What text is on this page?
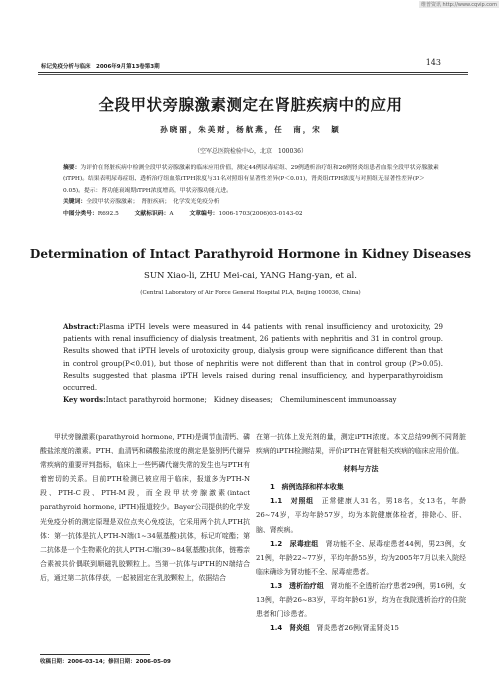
维普资讯 http://www.cqvip.com
标记免疫分析与临床　2006年9月第13卷第3期	143
全段甲状旁腺激素测定在肾脏疾病中的应用
孙晓丽，朱美财，杨航燕，任　南，宋　颖
（空军总医院检验中心，北京　100036）
摘要：为评价在肾脏疾病中检测全段甲状旁腺激素的临床应用价值，测定44例尿毒症组、29例透析治疗组和26例肾炎组患者血浆全段甲状旁腺激素(iTPH)。结果表明尿毒症组、透析治疗组血浆iTPH浓度与31名对照组有显著性差异(P＜0.01)，肾炎组iTPH浓度与对照组无显著性差异(P＞0.05)。提示：肾功能衰竭期iTPH浓度增高，甲状旁腺功能亢进。
关键词：全段甲状旁腺激素；　肾脏疾病；　化学发光免疫分析
中图分类号：R692.5	文献标识码：A	文章编号：1006-1703(2006)03-0143-02
Determination of Intact Parathyroid Hormone in Kidney Diseases
SUN Xiao-li, ZHU Mei-cai, YANG Hang-yan, et al.
(Central Laboratory of Air Force General Hospital PLA, Beijing 100036, China)
Abstract:Plasma iPTH levels were measured in 44 patients with renal insufficiency and urotoxicity, 29 patients with renal insufficiency of dialysis treatment, 26 patients with nephritis and 31 in control group. Results showed that iPTH levels of urotoxicity group, dialysis group were significance different than that in control group(P<0.01), but those of nephritis were not different than that in control group (P>0.05). Results suggested that plasma iPTH levels raised during renal insufficiency, and hyperparathyroidism occurred.
Key words:Intact parathyroid hormone;　Kidney diseases;　Chemiluminescent immunoassay

甲状旁腺激素(parathyroid hormone, PTH)是调节血清钙、磷酸盐浓度的激素。PTH、血清钙和磷酸盐浓度的测定是鉴别钙代谢异常疾病的重要评判指标，临床上一些钙磷代谢失常的发生也与PTH有着密切的关系。目前PTH检测已被应用于临床，报道多为PTH-N段、PTH-C段、PTH-M段，而全段甲状旁腺激素(intact parathyroid hormone, iPTH)报道较少。Bayer公司提供的化学发光免疫分析的测定原理是双位点夹心免疫法，它采用两个抗人PTH抗体：第一抗体是抗人PTH-N端(1~34氨基酸)抗体，标记吖啶酯；第二抗体是一个生物素化的抗人PTH-C端(39~84氨基酸)抗体，链霉亲合素被共价偶联到顺磁乳胶颗粒上。当第一抗体与iPTH的N端结合后，通过第二抗体俘获，一起被固定在乳胶颗粒上，依据结合

在第一抗体上发光剂的量，测定iPTH浓度。本文总结99例不同肾脏疾病的iPTH检测结果，评价iPTH在肾脏相关疾病的临床应用价值。

材料与方法

1　病例选择和样本收集

1.1　对照组　 正常健康人31名，男18名，女13名，年龄26~74岁，平均年龄57岁，均为本院健康体检者，排除心、肝、脑、肾疾病。

1.2　尿毒症组　 肾功能不全、尿毒症患者44例，男23例，女21例，年龄22~77岁，平均年龄55岁，均为2005年7月以来入院经临床确诊为肾功能不全、尿毒症患者。

1.3　透析治疗组　 肾功能不全透析治疗患者29例，男16例，女13例，年龄26~83岁，平均年龄61岁，均为在我院透析治疗的住院患者和门诊患者。

1.4　肾炎组　 肾炎患者26例(肾盂肾炎15

收稿日期：2006-03-14；修回日期：2006-05-09
